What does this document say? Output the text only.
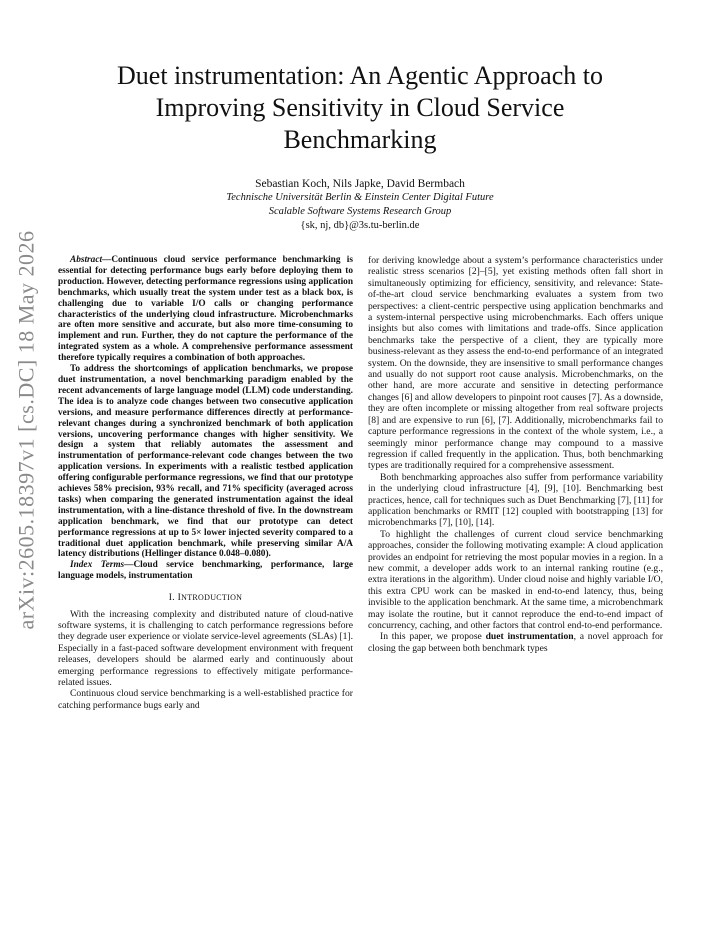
Duet instrumentation: An Agentic Approach to Improving Sensitivity in Cloud Service Benchmarking
Sebastian Koch, Nils Japke, David Bermbach
Technische Universität Berlin & Einstein Center Digital Future
Scalable Software Systems Research Group
{sk, nj, db}@3s.tu-berlin.de
arXiv:2605.18397v1 [cs.DC] 18 May 2026	Abstract—Continuous cloud service performance benchmarking is essential for detecting performance bugs early before deploying them to production. However, detecting performance regressions using application benchmarks, which usually treat the system under test as a black box, is challenging due to variable I/O calls or changing performance characteristics of the underlying cloud infrastructure. Microbenchmarks are often more sensitive and accurate, but also more time-consuming to implement and run. Further, they do not capture the performance of the integrated system as a whole. A comprehensive performance assessment therefore typically requires a combination of both approaches.

To address the shortcomings of application benchmarks, we propose duet instrumentation, a novel benchmarking paradigm enabled by the recent advancements of large language model (LLM) code understanding. The idea is to analyze code changes between two consecutive application versions, and measure performance differences directly at performance-relevant changes during a synchronized benchmark of both application versions, uncovering performance changes with higher sensitivity. We design a system that reliably automates the assessment and instrumentation of performance-relevant code changes between the two application versions. In experiments with a realistic testbed application offering configurable performance regressions, we find that our prototype achieves 58% precision, 93% recall, and 71% specificity (averaged across tasks) when comparing the generated instrumentation against the ideal instrumentation, with a line-distance threshold of five. In the downstream application benchmark, we find that our prototype can detect performance regressions at up to 5× lower injected severity compared to a traditional duet application benchmark, while preserving similar A/A latency distributions (Hellinger distance 0.048–0.080).

Index Terms—Cloud service benchmarking, performance, large language models, instrumentation

I. INTRODUCTION

With the increasing complexity and distributed nature of cloud-native software systems, it is challenging to catch performance regressions before they degrade user experience or violate service-level agreements (SLAs) [1]. Especially in a fast-paced software development environment with frequent releases, developers should be alarmed early and continuously about emerging performance regressions to effectively mitigate performance-related issues.

Continuous cloud service benchmarking is a well-established practice for catching performance bugs early and

for deriving knowledge about a system’s performance characteristics under realistic stress scenarios [2]–[5], yet existing methods often fall short in simultaneously optimizing for efficiency, sensitivity, and relevance: State-of-the-art cloud service benchmarking evaluates a system from two perspectives: a client-centric perspective using application benchmarks and a system-internal perspective using microbenchmarks. Each offers unique insights but also comes with limitations and trade-offs. Since application benchmarks take the perspective of a client, they are typically more business-relevant as they assess the end-to-end performance of an integrated system. On the downside, they are insensitive to small performance changes and usually do not support root cause analysis. Microbenchmarks, on the other hand, are more accurate and sensitive in detecting performance changes [6] and allow developers to pinpoint root causes [7]. As a downside, they are often incomplete or missing altogether from real software projects [8] and are expensive to run [6], [7]. Additionally, microbenchmarks fail to capture performance regressions in the context of the whole system, i.e., a seemingly minor performance change may compound to a massive regression if called frequently in the application. Thus, both benchmarking types are traditionally required for a comprehensive assessment.

Both benchmarking approaches also suffer from performance variability in the underlying cloud infrastructure [4], [9], [10]. Benchmarking best practices, hence, call for techniques such as Duet Benchmarking [7], [11] for application benchmarks or RMIT [12] coupled with bootstrapping [13] for microbenchmarks [7], [10], [14].

To highlight the challenges of current cloud service benchmarking approaches, consider the following motivating example: A cloud application provides an endpoint for retrieving the most popular movies in a region. In a new commit, a developer adds work to an internal ranking routine (e.g., extra iterations in the algorithm). Under cloud noise and highly variable I/O, this extra CPU work can be masked in end-to-end latency, thus, being invisible to the application benchmark. At the same time, a microbenchmark may isolate the routine, but it cannot reproduce the end-to-end impact of concurrency, caching, and other factors that control end-to-end performance.

In this paper, we propose duet instrumentation, a novel approach for closing the gap between both benchmark types
